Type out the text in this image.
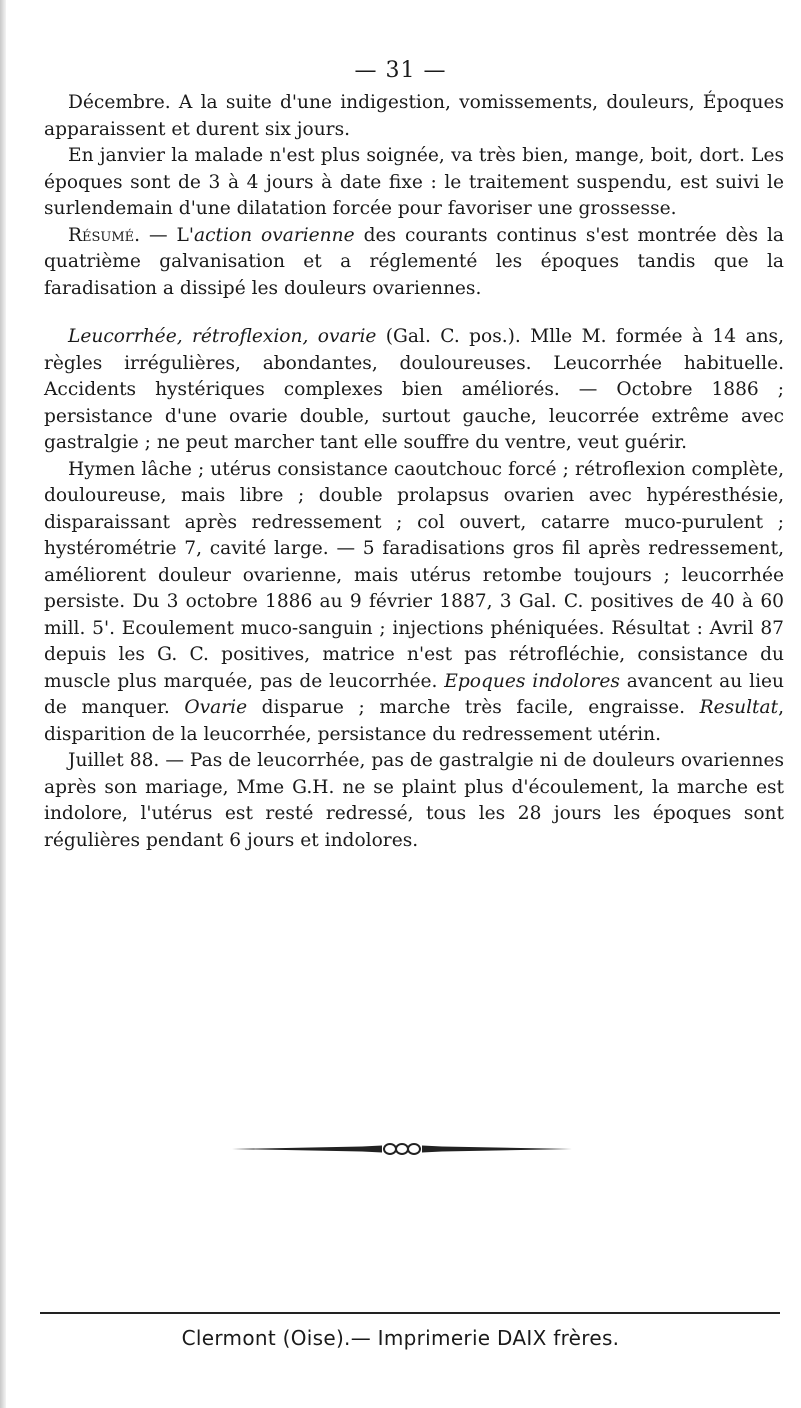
— 31 —

Décembre. A la suite d'une indigestion, vomissements, douleurs, Époques apparaissent et durent six jours.

En janvier la malade n'est plus soignée, va très bien, mange, boit, dort. Les époques sont de 3 à 4 jours à date fixe : le traitement suspendu, est suivi le surlendemain d'une dilatation forcée pour favoriser une grossesse.

Résumé. — L'action ovarienne des courants continus s'est montrée dès la quatrième galvanisation et a réglementé les époques tandis que la faradisation a dissipé les douleurs ovariennes.

Leucorrhée, rétroflexion, ovarie (Gal. C. pos.). Mlle M. formée à 14 ans, règles irrégulières, abondantes, douloureuses. Leucorrhée habituelle. Accidents hystériques complexes bien améliorés. — Octobre 1886 ; persistance d'une ovarie double, surtout gauche, leucorrée extrême avec gastralgie ; ne peut marcher tant elle souffre du ventre, veut guérir.

Hymen lâche ; utérus consistance caoutchouc forcé ; rétroflexion complète, douloureuse, mais libre ; double prolapsus ovarien avec hypéresthésie, disparaissant après redressement ; col ouvert, catarre muco-purulent ; hystérométrie 7, cavité large. — 5 faradisations gros fil après redressement, améliorent douleur ovarienne, mais utérus retombe toujours ; leucorrhée persiste. Du 3 octobre 1886 au 9 février 1887, 3 Gal. C. positives de 40 à 60 mill. 5'. Ecoulement muco-sanguin ; injections phéniquées. Résultat : Avril 87 depuis les G. C. positives, matrice n'est pas rétrofléchie, consistance du muscle plus marquée, pas de leucorrhée. Epoques indolores avancent au lieu de manquer. Ovarie disparue ; marche très facile, engraisse. Resultat, disparition de la leucorrhée, persistance du redressement utérin.

Juillet 88. — Pas de leucorrhée, pas de gastralgie ni de douleurs ovariennes après son mariage, Mme G.H. ne se plaint plus d'écoulement, la marche est indolore, l'utérus est resté redressé, tous les 28 jours les époques sont régulières pendant 6 jours et indolores.

Clermont (Oise).— Imprimerie DAIX frères.
